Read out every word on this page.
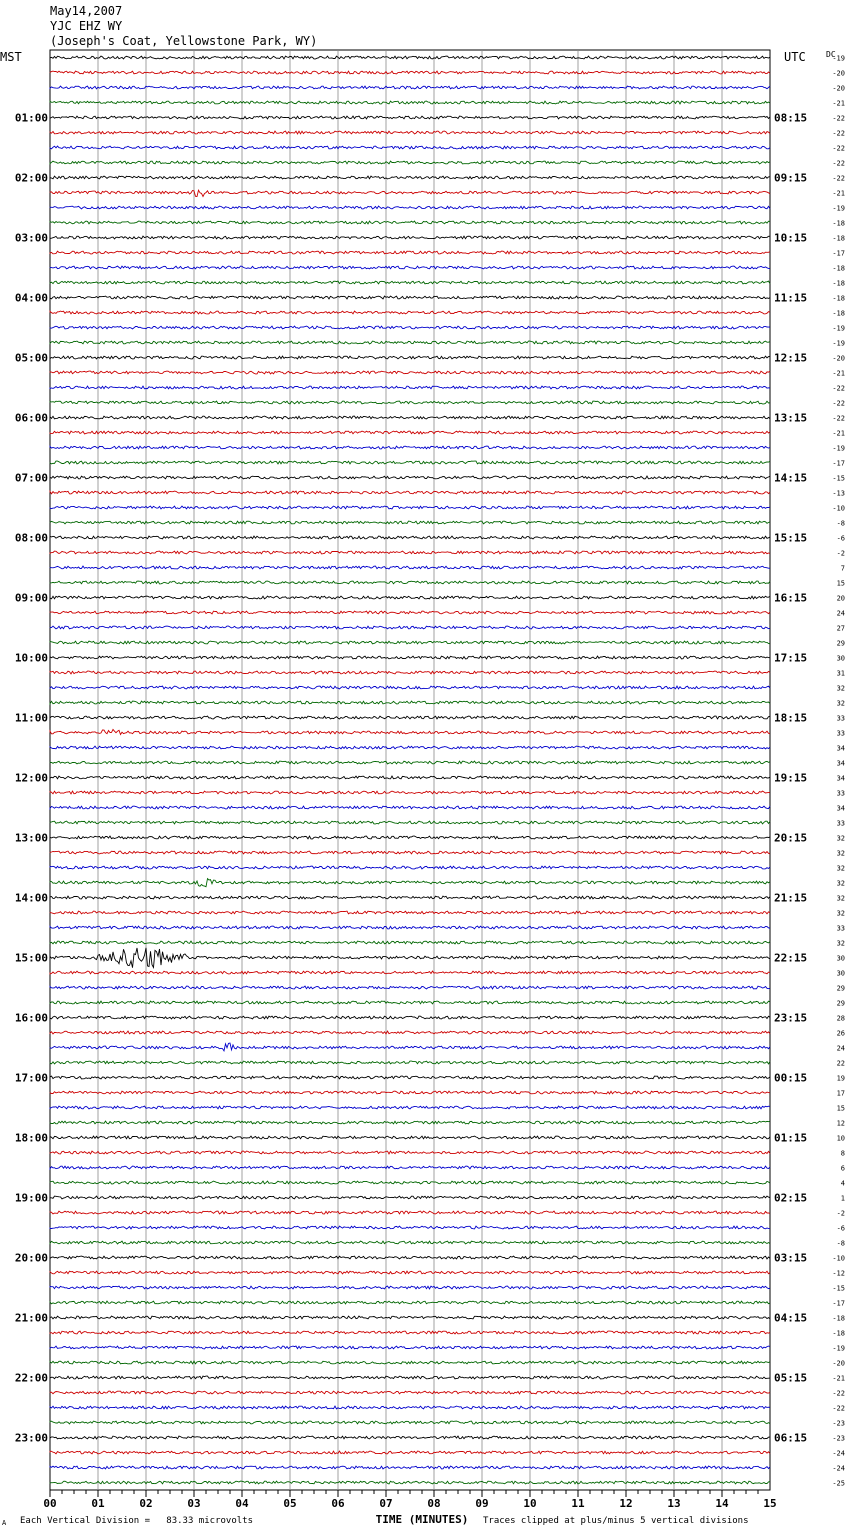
May14,2007
YJC EHZ WY
(Joseph's Coat, Yellowstone Park, WY)
MST	UTC	DC
00	01	02	03	04	05	06	07	08	09	10	11	12	13	14	15
TIME (MINUTES)
01:00
02:00
03:00
04:00
05:00
06:00
07:00
08:00
09:00
10:00
11:00
12:00
13:00
14:00
15:00
16:00
17:00
18:00
19:00
20:00
21:00
22:00
23:00
08:15
09:15
10:15
11:15
12:15
13:15
14:15
15:15
16:15
17:15
18:15
19:15
20:15
21:15
22:15
23:15
00:15
01:15
02:15
03:15
04:15
05:15
06:15
-19
-20
-20
-21
-22
-22
-22
-22
-22
-21
-19
-18
-18
-17
-18
-18
-18
-18
-19
-19
-20
-21
-22
-22
-22
-21
-19
-17
-15
-13
-10
-8
-6
-2
7
15
20
24
27
29
30
31
32
32
33
33
34
34
34
33
34
33
32
32
32
32
32
32
33
32
30
30
29
29
28
26
24
22
19
17
15
12
10
8
6
4
1
-2
-6
-8
-10
-12
-15
-17
-18
-18
-19
-20
-21
-22
-22
-23
-23
-24
-24
-25
A Each Vertical Division =   83.33 microvolts	Traces clipped at plus/minus 5 vertical divisions
